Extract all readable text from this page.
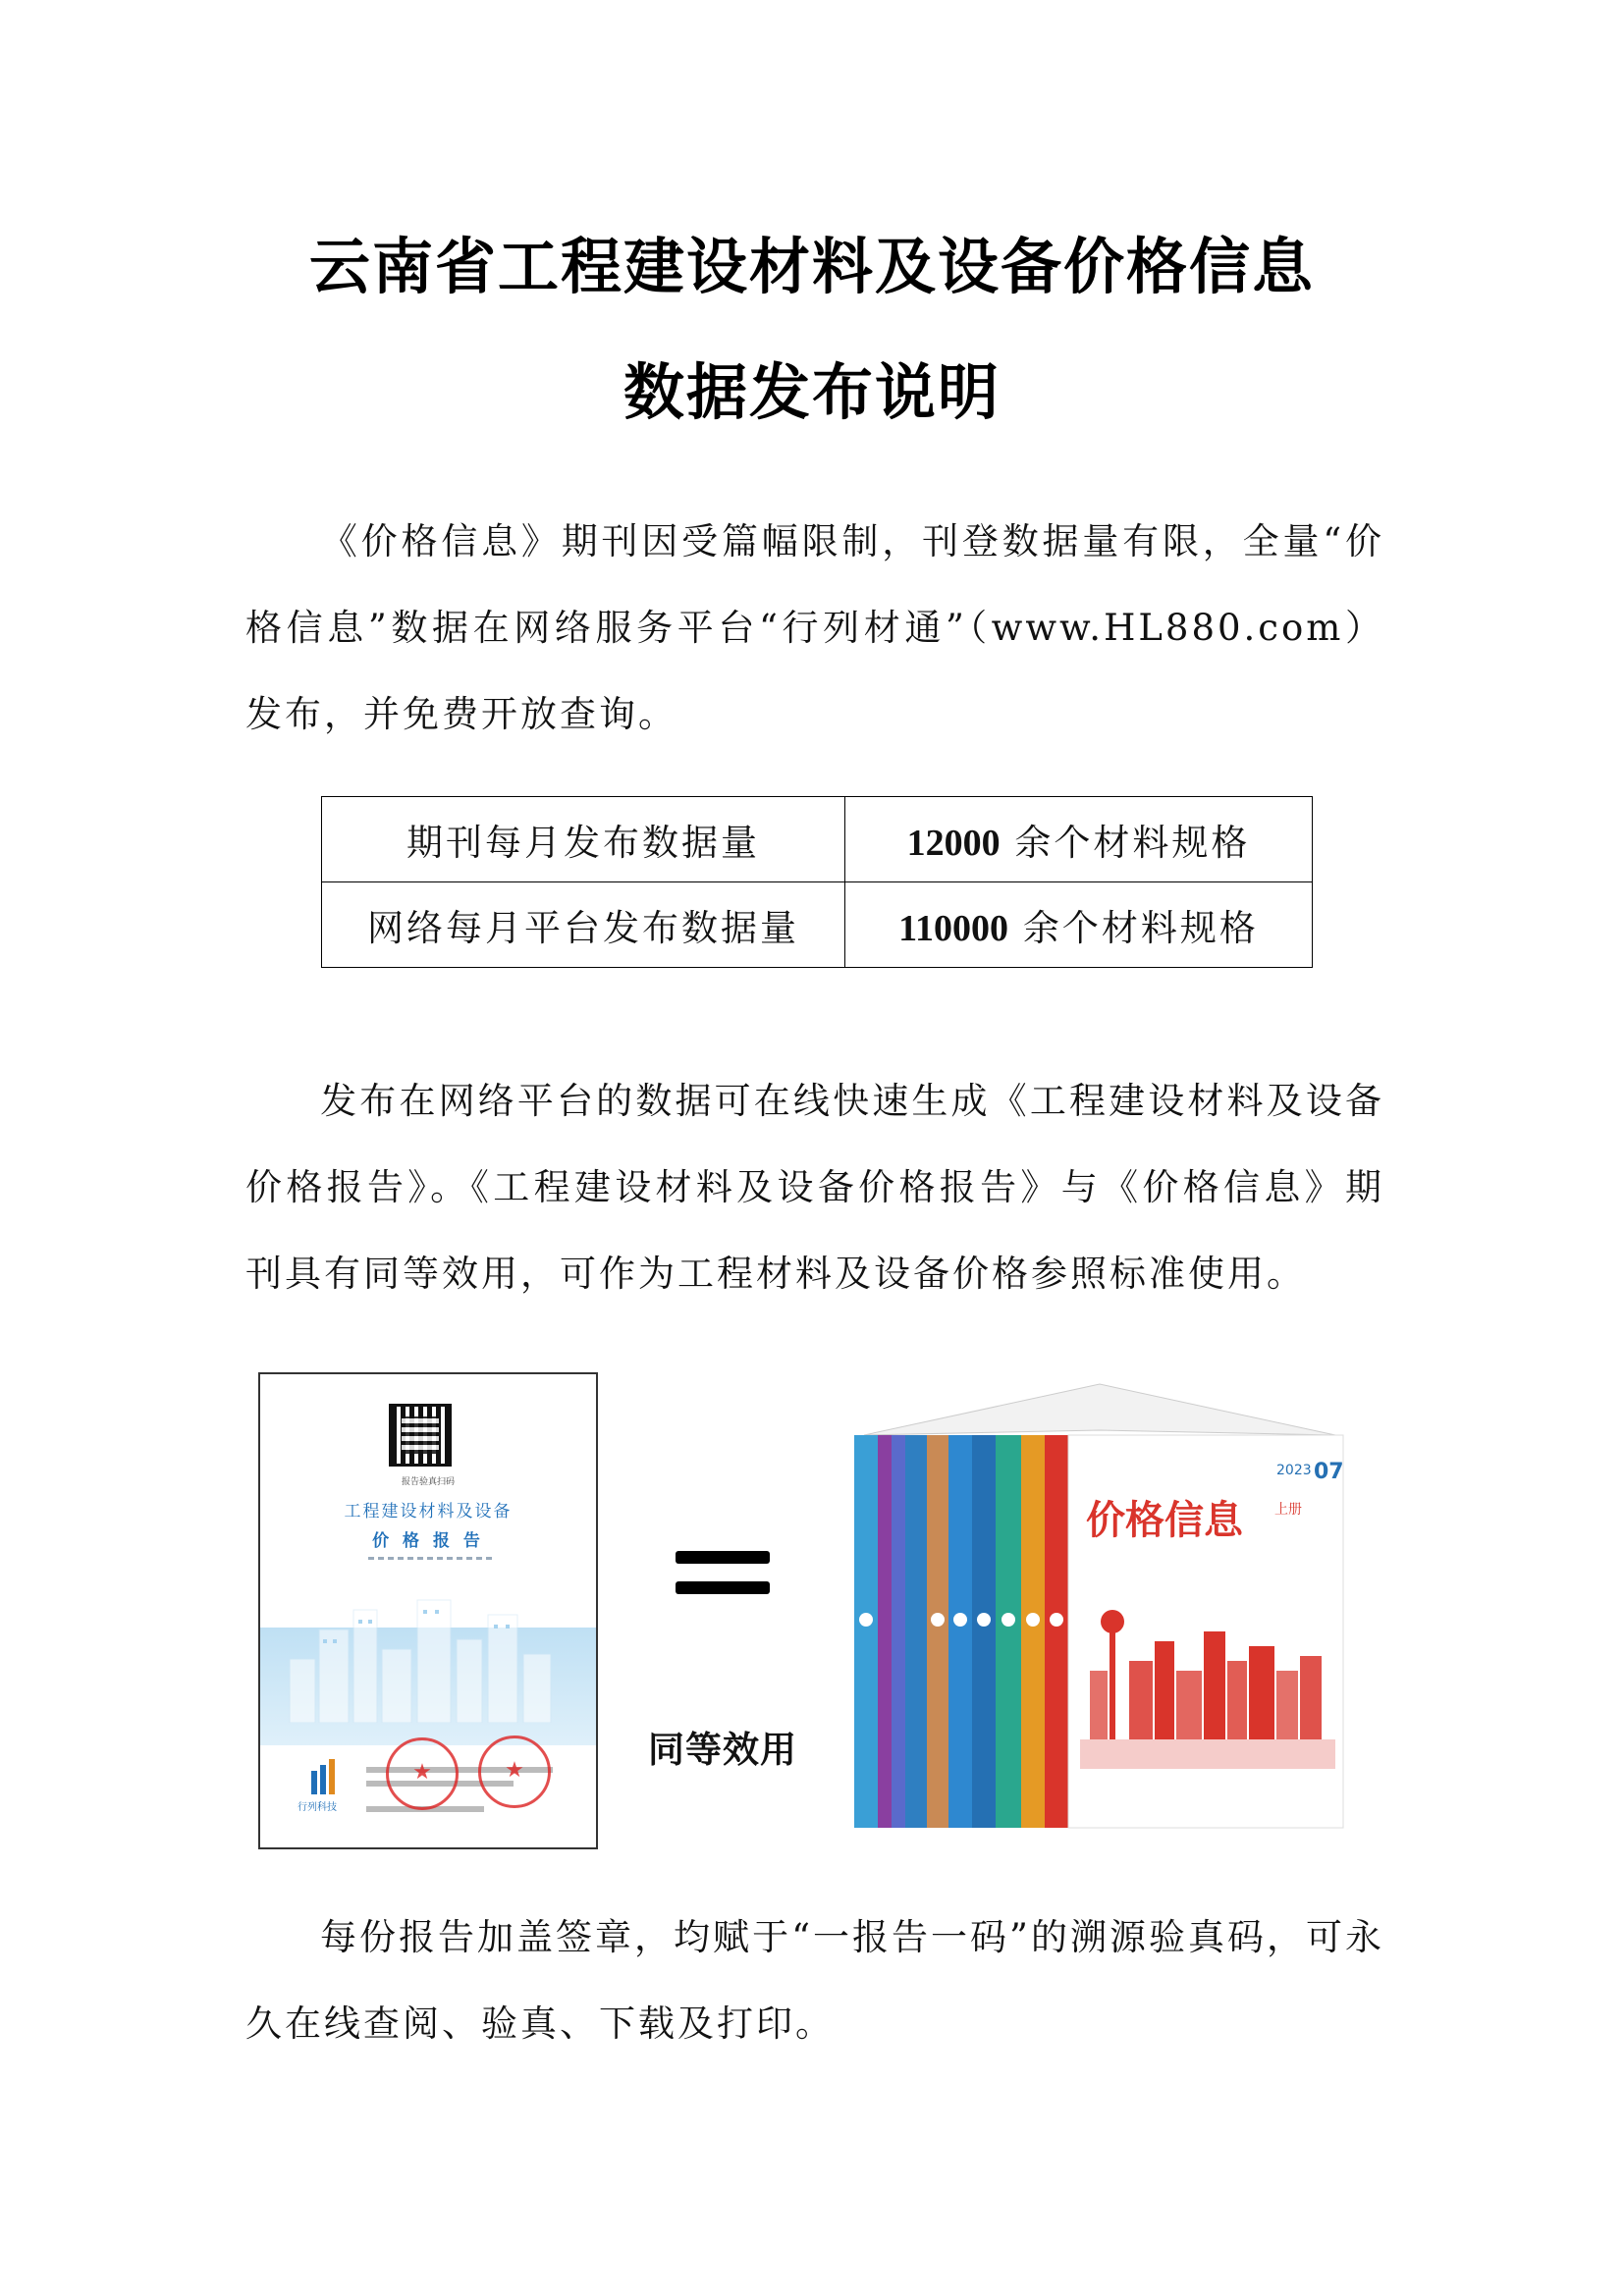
云南省工程建设材料及设备价格信息
数据发布说明
《价格信息》期刊因受篇幅限制，刊登数据量有限，全量“价格信息”数据在网络服务平台“行列材通”（www.HL880.com）发布，并免费开放查询。
期刊每月发布数据量	12000 余个材料规格
网络每月平台发布数据量	110000 余个材料规格
发布在网络平台的数据可在线快速生成《工程建设材料及设备价格报告》。《工程建设材料及设备价格报告》与《价格信息》期刊具有同等效用，可作为工程材料及设备价格参照标准使用。
报告验真扫码
工程建设材料及设备
价 格 报 告
行列科技
★
★
同等效用
价格信息 上册
2023 07
每份报告加盖签章，均赋于“一报告一码”的溯源验真码，可永久在线查阅、验真、下载及打印。
